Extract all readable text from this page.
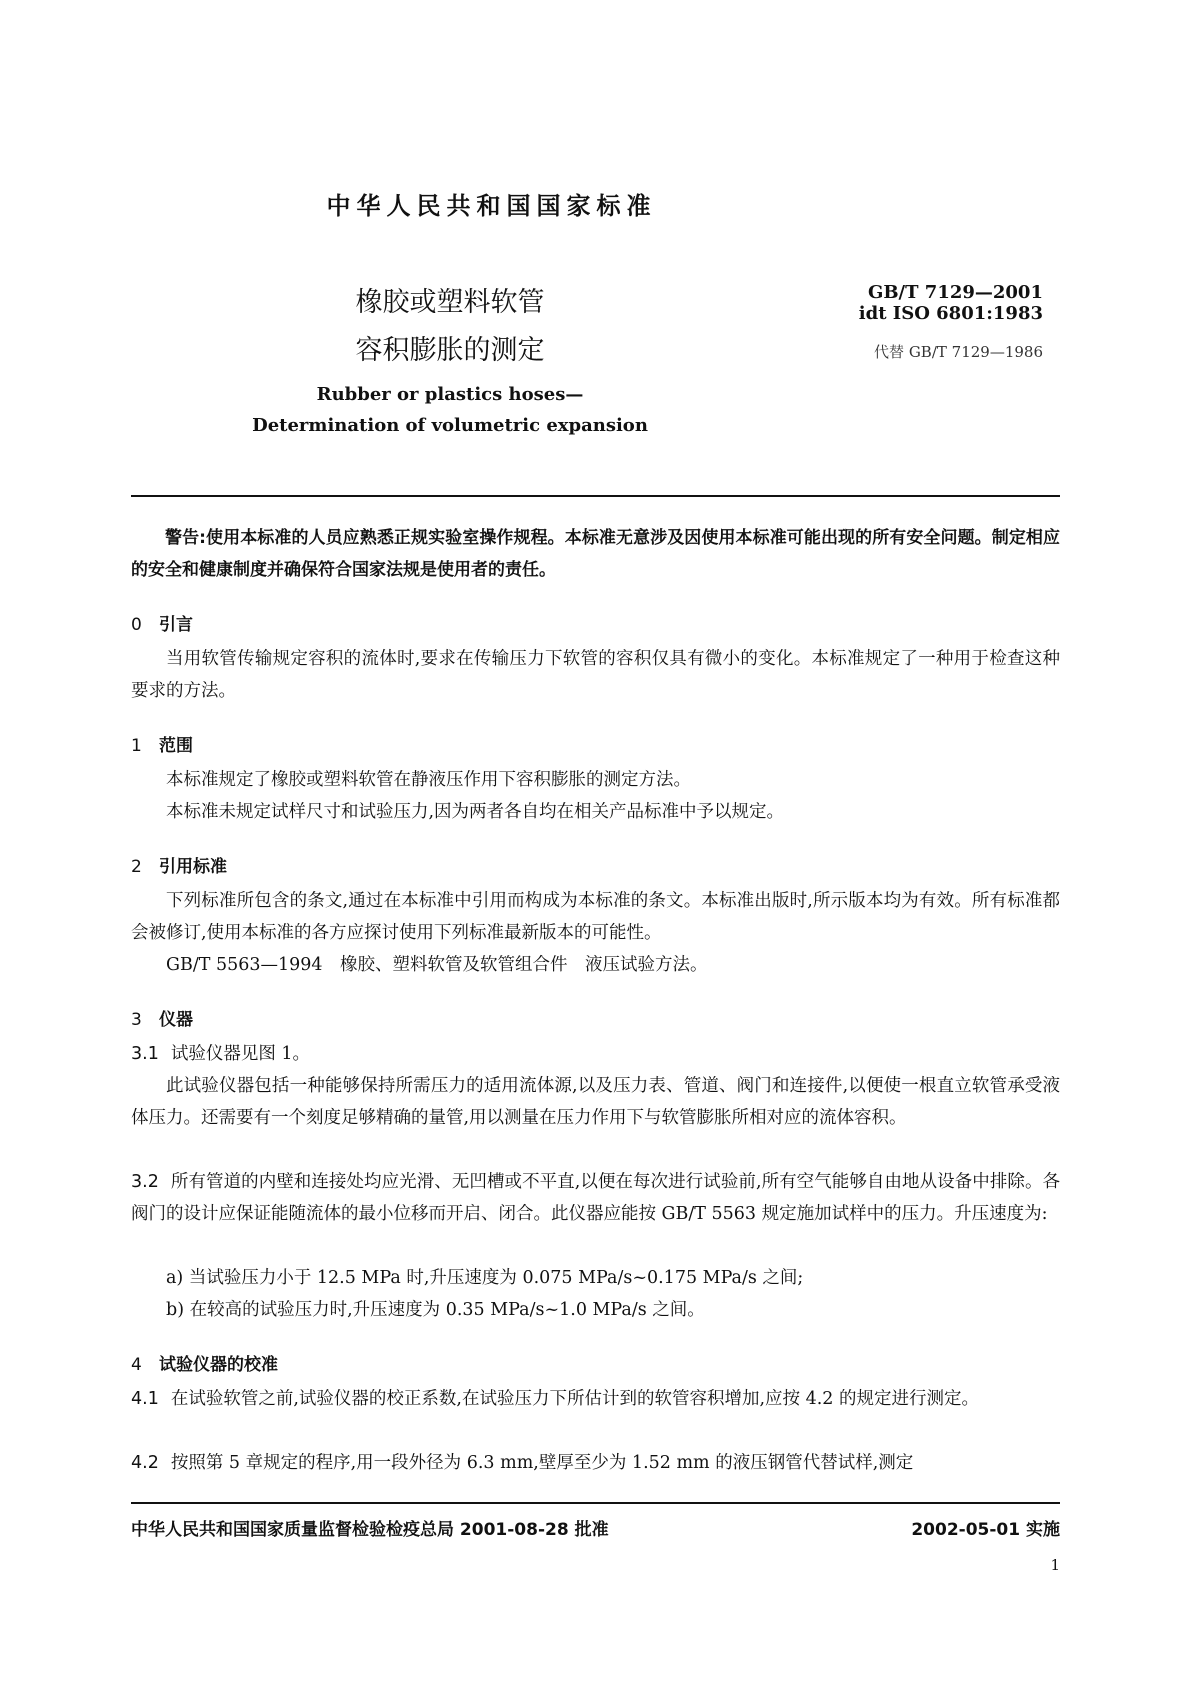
中华人民共和国国家标准
橡胶或塑料软管
容积膨胀的测定
Rubber or plastics hoses—
Determination of volumetric expansion
GB/T 7129—2001
idt ISO 6801:1983
代替 GB/T 7129—1986
警告:使用本标准的人员应熟悉正规实验室操作规程。本标准无意涉及因使用本标准可能出现的所有安全问题。制定相应的安全和健康制度并确保符合国家法规是使用者的责任。
0 引言
当用软管传输规定容积的流体时,要求在传输压力下软管的容积仅具有微小的变化。本标准规定了一种用于检查这种要求的方法。
1 范围
本标准规定了橡胶或塑料软管在静液压作用下容积膨胀的测定方法。
本标准未规定试样尺寸和试验压力,因为两者各自均在相关产品标准中予以规定。
2 引用标准
下列标准所包含的条文,通过在本标准中引用而构成为本标准的条文。本标准出版时,所示版本均为有效。所有标准都会被修订,使用本标准的各方应探讨使用下列标准最新版本的可能性。
GB/T 5563—1994　橡胶、塑料软管及软管组合件　液压试验方法。
3 仪器
3.1 试验仪器见图 1。
此试验仪器包括一种能够保持所需压力的适用流体源,以及压力表、管道、阀门和连接件,以便使一根直立软管承受液体压力。还需要有一个刻度足够精确的量管,用以测量在压力作用下与软管膨胀所相对应的流体容积。
3.2 所有管道的内壁和连接处均应光滑、无凹槽或不平直,以便在每次进行试验前,所有空气能够自由地从设备中排除。各阀门的设计应保证能随流体的最小位移而开启、闭合。此仪器应能按 GB/T 5563 规定施加试样中的压力。升压速度为:
a) 当试验压力小于 12.5 MPa 时,升压速度为 0.075 MPa/s~0.175 MPa/s 之间;
b) 在较高的试验压力时,升压速度为 0.35 MPa/s~1.0 MPa/s 之间。
4 试验仪器的校准
4.1 在试验软管之前,试验仪器的校正系数,在试验压力下所估计到的软管容积增加,应按 4.2 的规定进行测定。
4.2 按照第 5 章规定的程序,用一段外径为 6.3 mm,壁厚至少为 1.52 mm 的液压钢管代替试样,测定
中华人民共和国国家质量监督检验检疫总局 2001-08-28 批准	2002-05-01 实施
1
